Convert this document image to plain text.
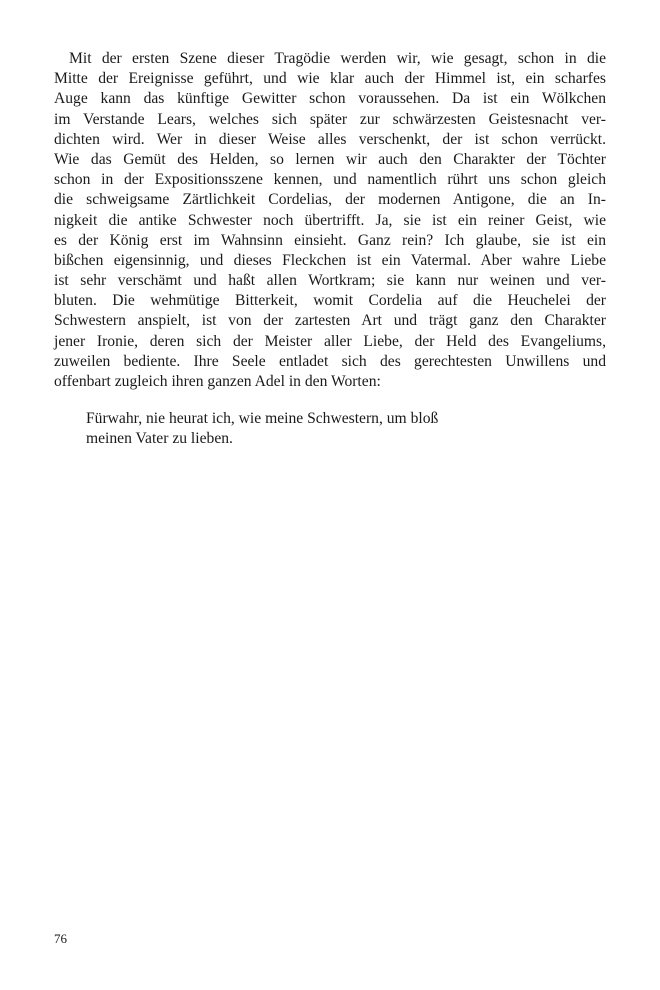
Mit der ersten Szene dieser Tragödie werden wir, wie gesagt, schon in die
Mitte der Ereignisse geführt, und wie klar auch der Himmel ist, ein scharfes
Auge kann das künftige Gewitter schon voraussehen. Da ist ein Wölkchen
im Verstande Lears, welches sich später zur schwärzesten Geistesnacht ver-
dichten wird. Wer in dieser Weise alles verschenkt, der ist schon verrückt.
Wie das Gemüt des Helden, so lernen wir auch den Charakter der Töchter
schon in der Expositionsszene kennen, und namentlich rührt uns schon gleich
die schweigsame Zärtlichkeit Cordelias, der modernen Antigone, die an In-
nigkeit die antike Schwester noch übertrifft. Ja, sie ist ein reiner Geist, wie
es der König erst im Wahnsinn einsieht. Ganz rein? Ich glaube, sie ist ein
bißchen eigensinnig, und dieses Fleckchen ist ein Vatermal. Aber wahre Liebe
ist sehr verschämt und haßt allen Wortkram; sie kann nur weinen und ver-
bluten. Die wehmütige Bitterkeit, womit Cordelia auf die Heuchelei der
Schwestern anspielt, ist von der zartesten Art und trägt ganz den Charakter
jener Ironie, deren sich der Meister aller Liebe, der Held des Evangeliums,
zuweilen bediente. Ihre Seele entladet sich des gerechtesten Unwillens und
offenbart zugleich ihren ganzen Adel in den Worten:
Fürwahr, nie heurat ich, wie meine Schwestern, um bloß
meinen Vater zu lieben.
76
